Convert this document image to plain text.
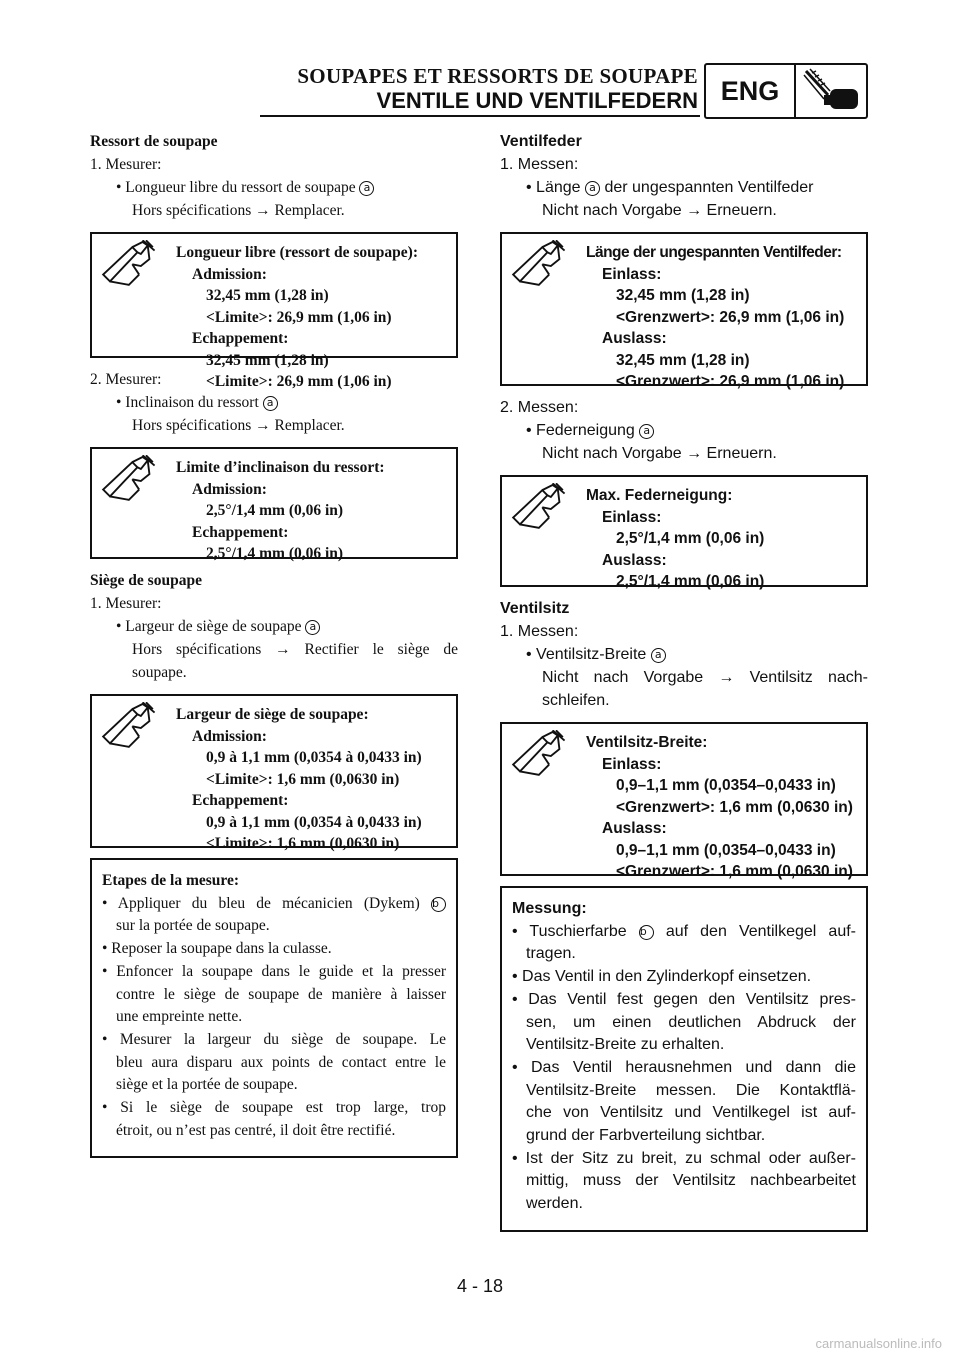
SOUPAPES ET RESSORTS DE SOUPAPE
VENTILE UND VENTILFEDERN ENG
Ressort de soupape
1. Mesurer:
• Longueur libre du ressort de soupape a
Hors spécifications → Remplacer.
Longueur libre (ressort de soupape):
Admission:
32,45 mm (1,28 in)
<Limite>: 26,9 mm (1,06 in)
Echappement:
32,45 mm (1,28 in)
<Limite>: 26,9 mm (1,06 in)
2. Mesurer:
• Inclinaison du ressort a
Hors spécifications → Remplacer.
Limite d’inclinaison du ressort:
Admission:
2,5°/1,4 mm (0,06 in)
Echappement:
2,5°/1,4 mm (0,06 in)
Siège de soupape
1. Mesurer:
• Largeur de siège de soupape a
Hors spécifications → Rectifier le siège de
soupape.
Largeur de siège de soupape:
Admission:
0,9 à 1,1 mm (0,0354 à 0,0433 in)
<Limite>: 1,6 mm (0,0630 in)
Echappement:
0,9 à 1,1 mm (0,0354 à 0,0433 in)
<Limite>: 1,6 mm (0,0630 in)
Etapes de la mesure:
• Appliquer du bleu de mécanicien (Dykem) b
sur la portée de soupape.
• Reposer la soupape dans la culasse.
• Enfoncer la soupape dans le guide et la presser
contre le siège de soupape de manière à laisser
une empreinte nette.
• Mesurer la largeur du siège de soupape. Le
bleu aura disparu aux points de contact entre le
siège et la portée de soupape.
• Si le siège de soupape est trop large, trop
étroit, ou n’est pas centré, il doit être rectifié.
Ventilfeder
1. Messen:
• Länge a der ungespannten Ventilfeder
Nicht nach Vorgabe → Erneuern.
Länge der ungespannten Ventilfeder:
Einlass:
32,45 mm (1,28 in)
<Grenzwert>: 26,9 mm (1,06 in)
Auslass:
32,45 mm (1,28 in)
<Grenzwert>: 26,9 mm (1,06 in)
2. Messen:
• Federneigung a
Nicht nach Vorgabe → Erneuern.
Max. Federneigung:
Einlass:
2,5°/1,4 mm (0,06 in)
Auslass:
2,5°/1,4 mm (0,06 in)
Ventilsitz
1. Messen:
• Ventilsitz-Breite a
Nicht nach Vorgabe → Ventilsitz nach-
schleifen.
Ventilsitz-Breite:
Einlass:
0,9–1,1 mm (0,0354–0,0433 in)
<Grenzwert>: 1,6 mm (0,0630 in)
Auslass:
0,9–1,1 mm (0,0354–0,0433 in)
<Grenzwert>: 1,6 mm (0,0630 in)
Messung:
• Tuschierfarbe b auf den Ventilkegel auf-
tragen.
• Das Ventil in den Zylinderkopf einsetzen.
• Das Ventil fest gegen den Ventilsitz pres-
sen, um einen deutlichen Abdruck der
Ventilsitz-Breite zu erhalten.
• Das Ventil herausnehmen und dann die
Ventilsitz-Breite messen. Die Kontaktflä-
che von Ventilsitz und Ventilkegel ist auf-
grund der Farbverteilung sichtbar.
• Ist der Sitz zu breit, zu schmal oder außer-
mittig, muss der Ventilsitz nachbearbeitet
werden.
4 - 18
carmanualsonline.info
